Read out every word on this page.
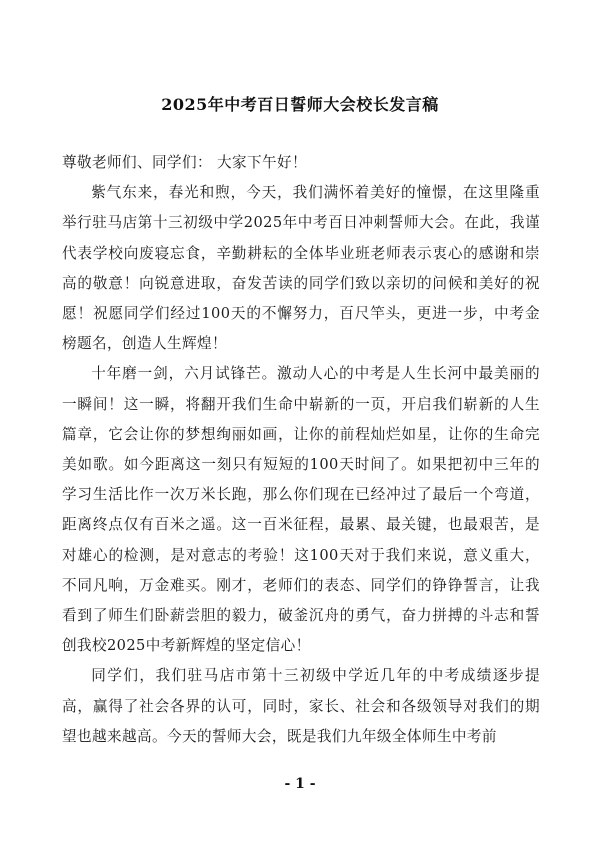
2025年中考百日誓师大会校长发言稿

尊敬老师们、同学们： 大家下午好！

紫气东来，春光和煦，今天，我们满怀着美好的憧憬，在这里隆重举行驻马店第十三初级中学2025年中考百日冲刺誓师大会。在此，我谨代表学校向废寝忘食，辛勤耕耘的全体毕业班老师表示衷心的感谢和崇高的敬意！向锐意进取，奋发苦读的同学们致以亲切的问候和美好的祝愿！祝愿同学们经过100天的不懈努力，百尺竿头，更进一步，中考金榜题名，创造人生辉煌！

十年磨一剑，六月试锋芒。激动人心的中考是人生长河中最美丽的一瞬间！这一瞬，将翻开我们生命中崭新的一页，开启我们崭新的人生篇章，它会让你的梦想绚丽如画，让你的前程灿烂如星，让你的生命完美如歌。如今距离这一刻只有短短的100天时间了。如果把初中三年的学习生活比作一次万米长跑，那么你们现在已经冲过了最后一个弯道，距离终点仅有百米之遥。这一百米征程，最累、最关键，也最艰苦，是对雄心的检测，是对意志的考验！这100天对于我们来说，意义重大，不同凡响，万金难买。刚才，老师们的表态、同学们的铮铮誓言，让我看到了师生们卧薪尝胆的毅力，破釜沉舟的勇气，奋力拼搏的斗志和誓创我校2025中考新辉煌的坚定信心！

同学们，我们驻马店市第十三初级中学近几年的中考成绩逐步提高，赢得了社会各界的认可，同时，家长、社会和各级领导对我们的期望也越来越高。今天的誓师大会，既是我们九年级全体师生中考前

- 1 -
